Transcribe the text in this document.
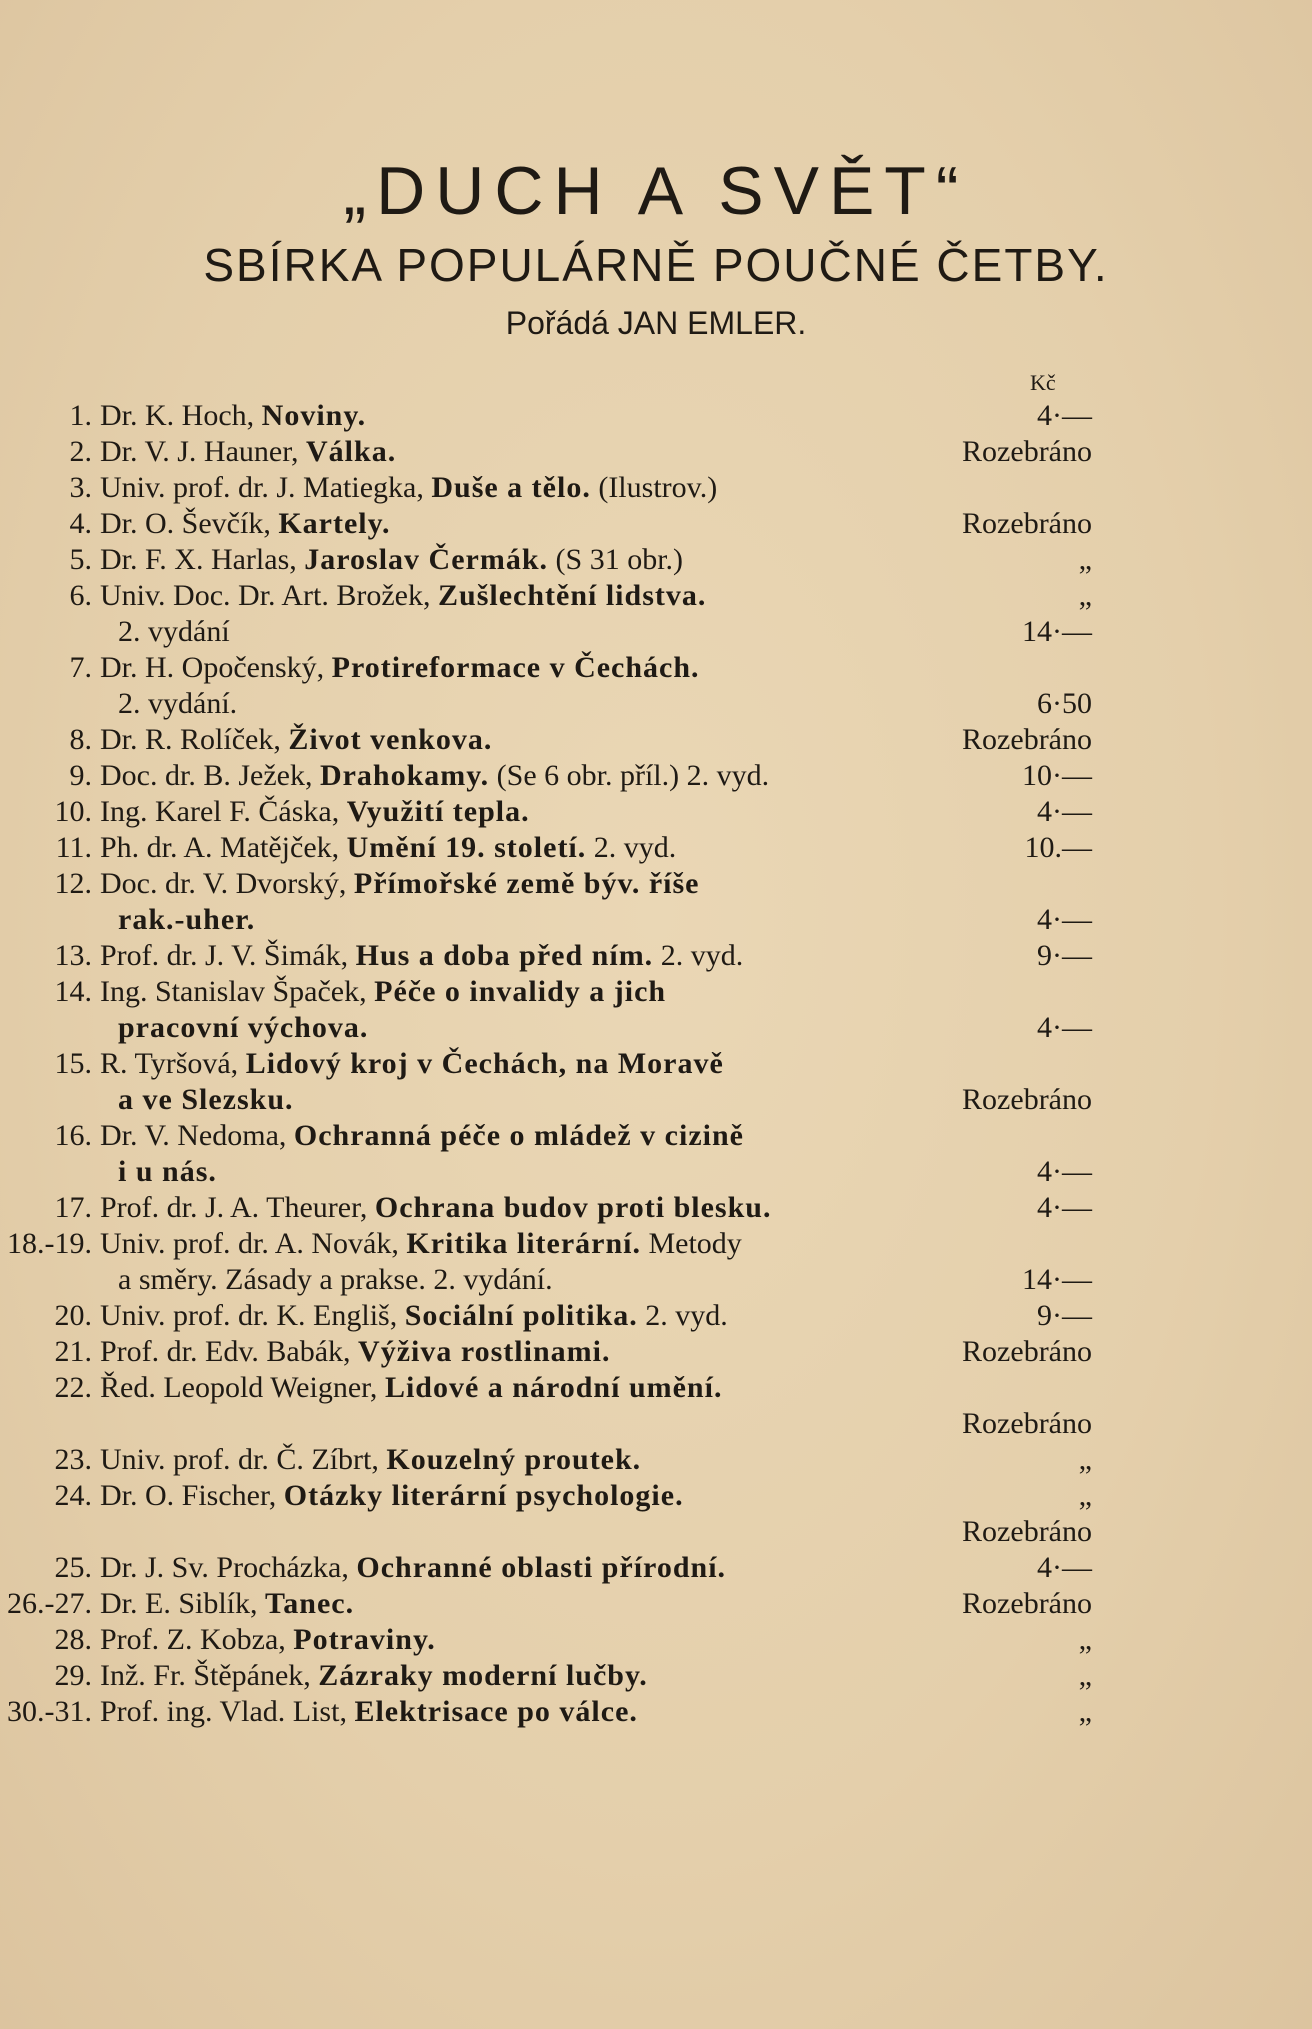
„DUCH A SVĚT“
SBÍRKA POPULÁRNĚ POUČNÉ ČETBY.
Pořádá JAN EMLER.
Kč
1. Dr. K. Hoch, Noviny.	4·—
2. Dr. V. J. Hauner, Válka.	Rozebráno
3. Univ. prof. dr. J. Matiegka, Duše a tělo. (Ilustrov.)
4. Dr. O. Ševčík, Kartely.	Rozebráno
5. Dr. F. X. Harlas, Jaroslav Čermák. (S 31 obr.)	„
6. Univ. Doc. Dr. Art. Brožek, Zušlechtění lidstva.	„
2. vydání	14·—
7. Dr. H. Opočenský, Protireformace v Čechách.
2. vydání.	6·50
8. Dr. R. Rolíček, Život venkova.	Rozebráno
9. Doc. dr. B. Ježek, Drahokamy. (Se 6 obr. příl.) 2. vyd.	10·—
10. Ing. Karel F. Čáska, Využití tepla.	4·—
11. Ph. dr. A. Matějček, Umění 19. století. 2. vyd.	10.—
12. Doc. dr. V. Dvorský, Přímořské země býv. říše
rak.-uher.	4·—
13. Prof. dr. J. V. Šimák, Hus a doba před ním. 2. vyd.	9·—
14. Ing. Stanislav Špaček, Péče o invalidy a jich
pracovní výchova.	4·—
15. R. Tyršová, Lidový kroj v Čechách, na Moravě
a ve Slezsku.	Rozebráno
16. Dr. V. Nedoma, Ochranná péče o mládež v cizině
i u nás.	4·—
17. Prof. dr. J. A. Theurer, Ochrana budov proti blesku.	4·—
18.-19. Univ. prof. dr. A. Novák, Kritika literární. Metody
a směry. Zásady a prakse. 2. vydání.	14·—
20. Univ. prof. dr. K. Engliš, Sociální politika. 2. vyd.	9·—
21. Prof. dr. Edv. Babák, Výživa rostlinami.	Rozebráno
22. Řed. Leopold Weigner, Lidové a národní umění.
Rozebráno
23. Univ. prof. dr. Č. Zíbrt, Kouzelný proutek.	„
24. Dr. O. Fischer, Otázky literární psychologie.	„
Rozebráno
25. Dr. J. Sv. Procházka, Ochranné oblasti přírodní.	4·—
26.-27. Dr. E. Siblík, Tanec.	Rozebráno
28. Prof. Z. Kobza, Potraviny.	„
29. Inž. Fr. Štěpánek, Zázraky moderní lučby.	„
30.-31. Prof. ing. Vlad. List, Elektrisace po válce.	„
